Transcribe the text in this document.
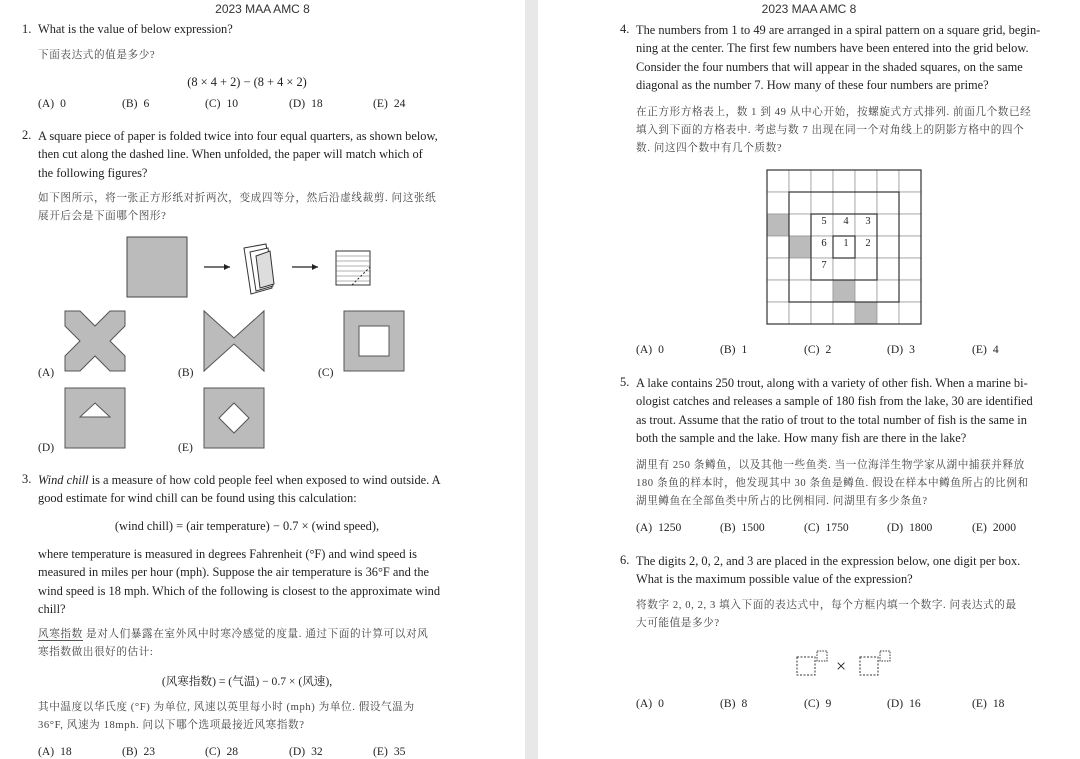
2023 MAA AMC 8
1. What is the value of below expression?
下面表达式的值是多少?
(8 × 4 + 2) − (8 + 4 × 2)
(A) 0	(B) 6	(C) 10	(D) 18	(E) 24
2. A square piece of paper is folded twice into four equal quarters, as shown below,
then cut along the dashed line. When unfolded, the paper will match which of
the following figures?
如下图所示，将一张正方形纸对折两次，变成四等分，然后沿虚线裁剪. 问这张纸
展开后会是下面哪个图形?
(A)	(B)	(C)
(D)	(E)
3. Wind chill is a measure of how cold people feel when exposed to wind outside. A
good estimate for wind chill can be found using this calculation:
(wind chill) = (air temperature) − 0.7 × (wind speed),
where temperature is measured in degrees Fahrenheit (°F) and wind speed is
measured in miles per hour (mph). Suppose the air temperature is 36°F and the
wind speed is 18 mph. Which of the following is closest to the approximate wind
chill?
风寒指数 是对人们暴露在室外风中时寒冷感觉的度量. 通过下面的计算可以对风
寒指数做出很好的估计:
(风寒指数) = (气温) − 0.7 × (风速),
其中温度以华氏度 (°F) 为单位, 风速以英里每小时 (mph) 为单位. 假设气温为
36°F, 风速为 18mph. 问以下哪个选项最接近风寒指数?
(A) 18	(B) 23	(C) 28	(D) 32	(E) 35
2023 MAA AMC 8
4. The numbers from 1 to 49 are arranged in a spiral pattern on a square grid, begin-
ning at the center. The first few numbers have been entered into the grid below.
Consider the four numbers that will appear in the shaded squares, on the same
diagonal as the number 7. How many of these four numbers are prime?
在正方形方格表上，数 1 到 49 从中心开始，按螺旋式方式排列. 前面几个数已经
填入到下面的方格表中. 考虑与数 7 出现在同一个对角线上的阴影方格中的四个
数. 问这四个数中有几个质数?
5	4	3
6	1	2
7
(A) 0	(B) 1	(C) 2	(D) 3	(E) 4
5. A lake contains 250 trout, along with a variety of other fish. When a marine bi-
ologist catches and releases a sample of 180 fish from the lake, 30 are identified
as trout. Assume that the ratio of trout to the total number of fish is the same in
both the sample and the lake. How many fish are there in the lake?
湖里有 250 条鳟鱼，以及其他一些鱼类. 当一位海洋生物学家从湖中捕获并释放
180 条鱼的样本时，他发现其中 30 条鱼是鳟鱼. 假设在样本中鳟鱼所占的比例和
湖里鳟鱼在全部鱼类中所占的比例相同. 问湖里有多少条鱼?
(A) 1250	(B) 1500	(C) 1750	(D) 1800	(E) 2000
6. The digits 2, 0, 2, and 3 are placed in the expression below, one digit per box.
What is the maximum possible value of the expression?
将数字 2, 0, 2, 3 填入下面的表达式中，每个方框内填一个数字. 问表达式的最
大可能值是多少?
×
(A) 0	(B) 8	(C) 9	(D) 16	(E) 18
